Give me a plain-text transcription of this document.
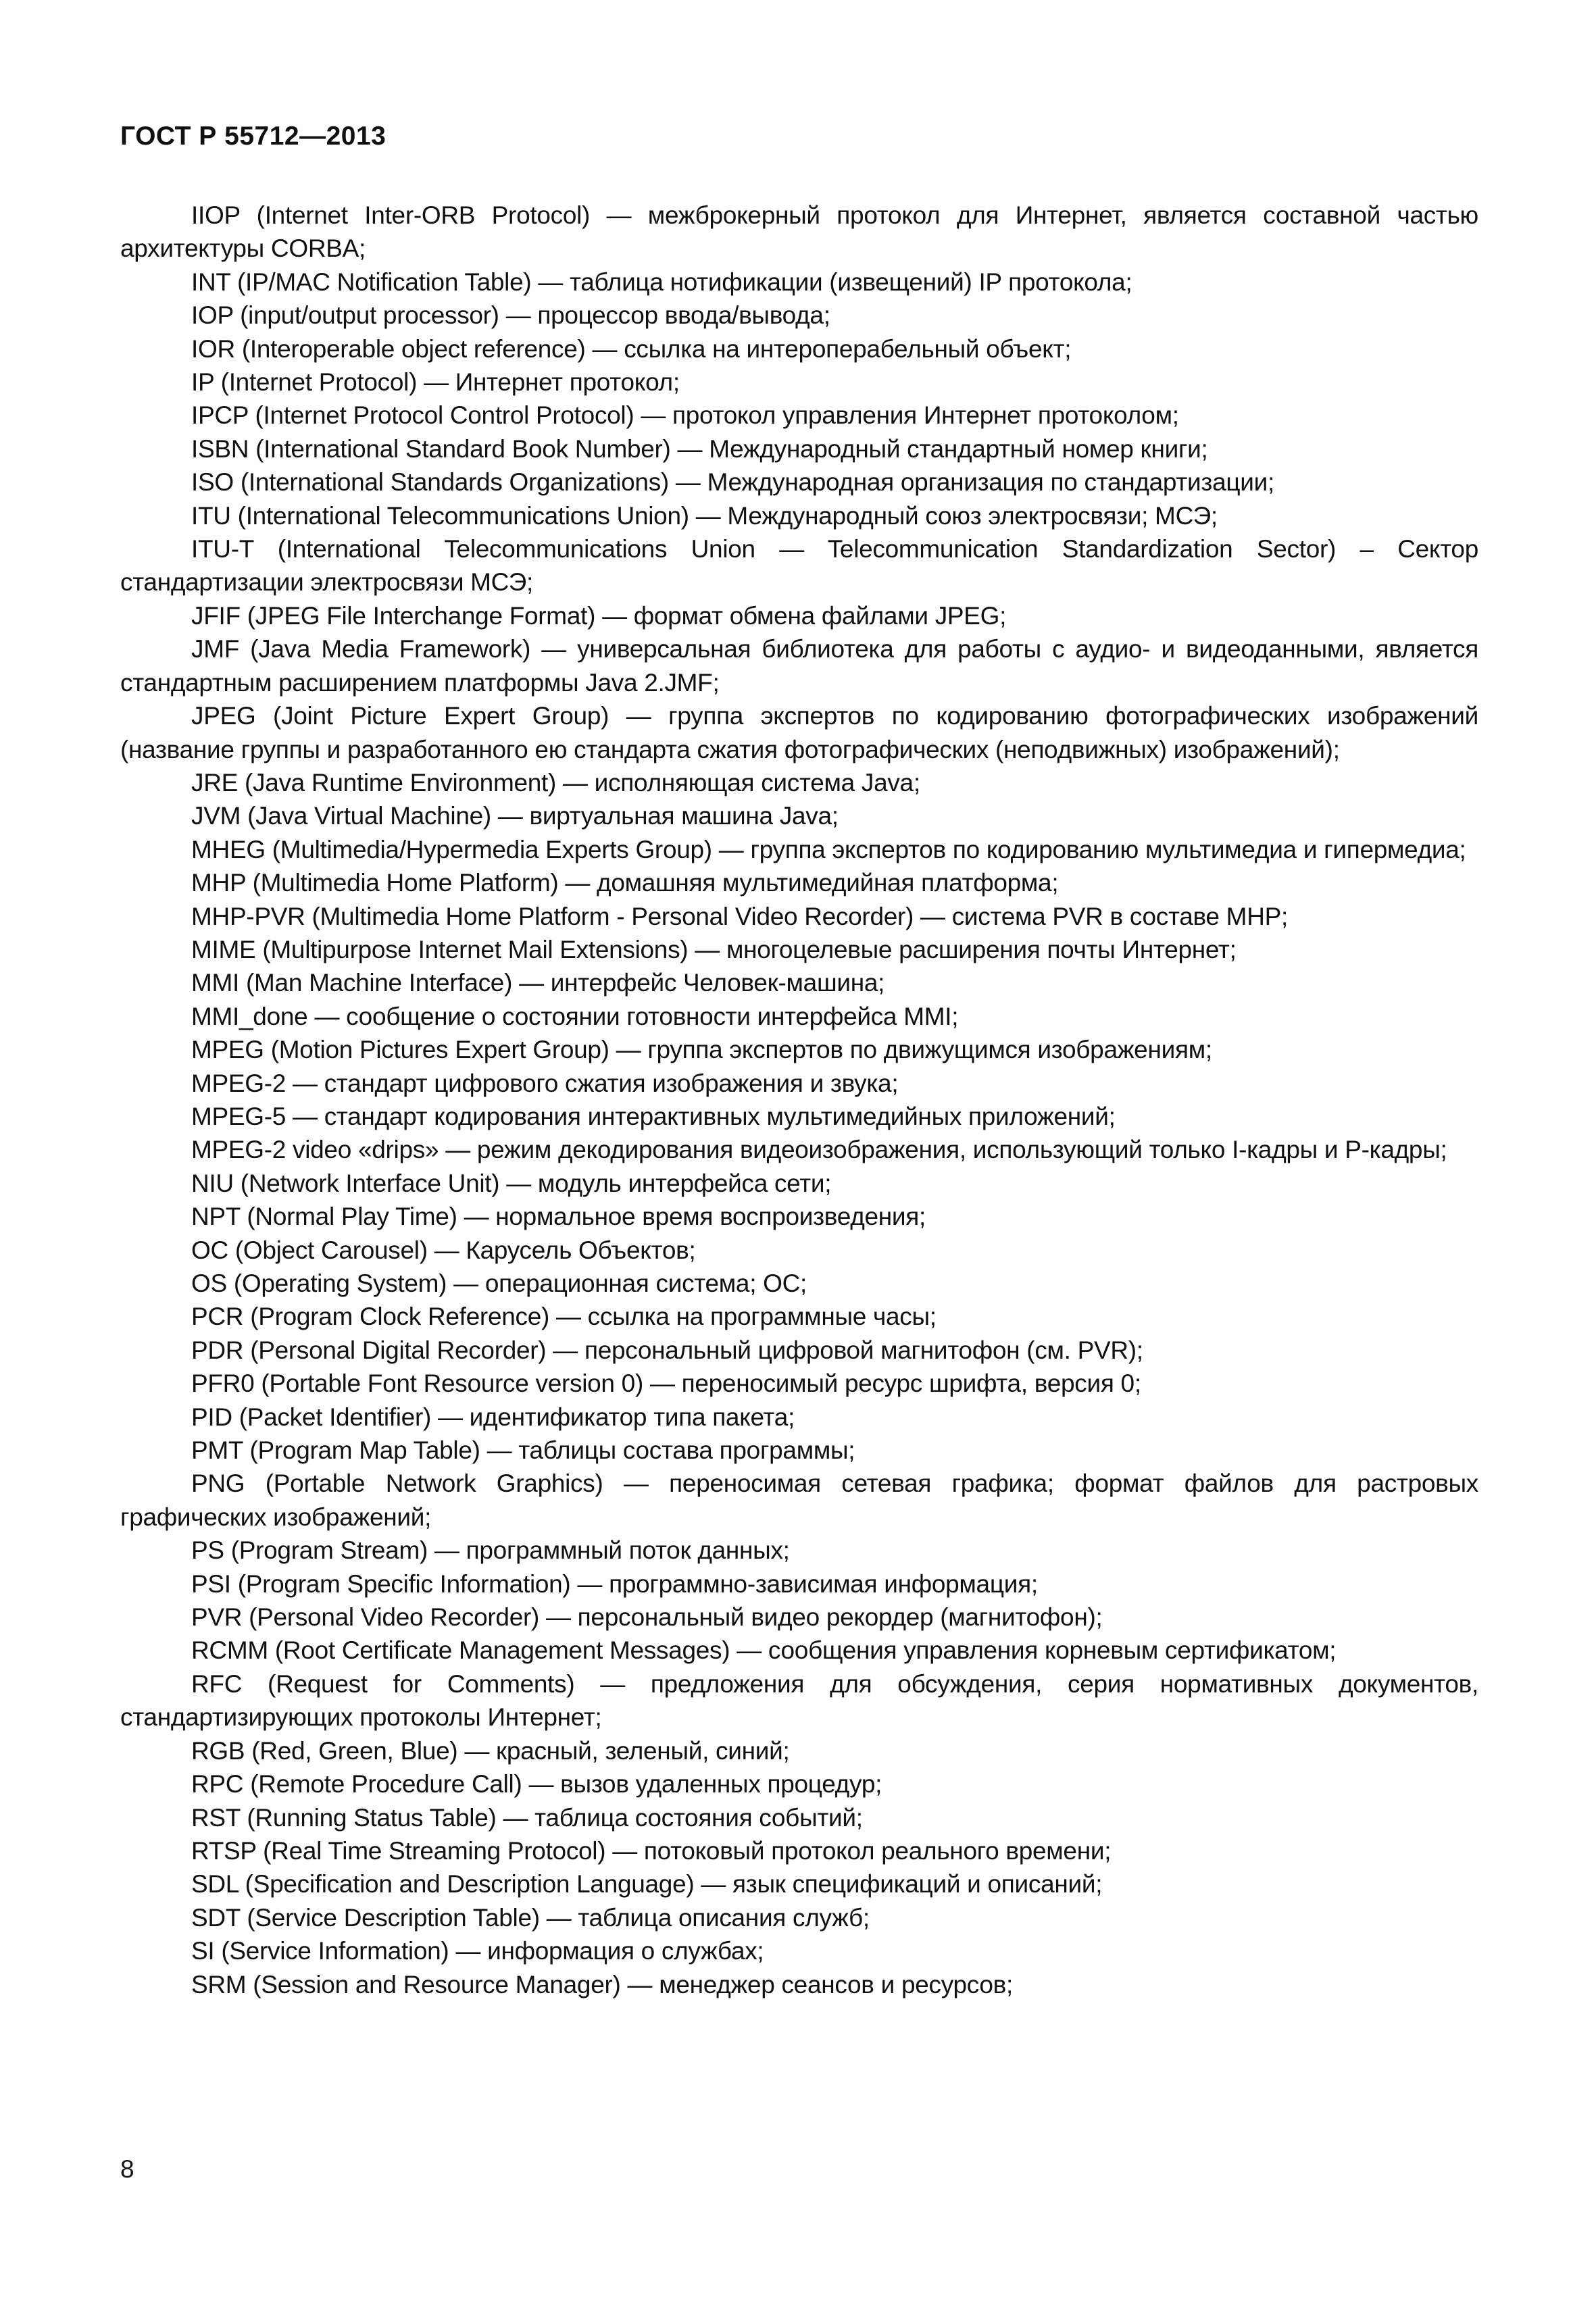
ГОСТ Р 55712—2013

IIOP (Internet Inter-ORB Protocol) — межброкерный протокол для Интернет, является составной частью архитектуры CORBA;

INT (IP/MAC Notification Table) — таблица нотификации (извещений) IP протокола;

IOP (input/output processor) — процессор ввода/вывода;

IOR (Interoperable object reference) — ссылка на интероперабельный объект;

IP (Internet Protocol) — Интернет протокол;

IPCP (Internet Protocol Control Protocol) — протокол управления Интернет протоколом;

ISBN (International Standard Book Number) — Международный стандартный номер книги;

ISO (International Standards Organizations) — Международная организация по стандартизации;

ITU (International Telecommunications Union) — Международный союз электросвязи; МСЭ;

ITU-T (International Telecommunications Union — Telecommunication Standardization Sector) – Сектор стандартизации электросвязи МСЭ;

JFIF (JPEG File Interchange Format) — формат обмена файлами JPEG;

JMF (Java Media Framework) — универсальная библиотека для работы с аудио- и видеоданными, является стандартным расширением платформы Java 2.JMF;

JPEG (Joint Picture Expert Group) — группа экспертов по кодированию фотографических изображений (название группы и разработанного ею стандарта сжатия фотографических (неподвижных) изображений);

JRE (Java Runtime Environment) — исполняющая система Java;

JVM (Java Virtual Machine) — виртуальная машина Java;

MHEG (Multimedia/Hypermedia Experts Group) — группа экспертов по кодированию мультимедиа и гипермедиа;

MHP (Multimedia Home Platform) — домашняя мультимедийная платформа;

MHP-PVR (Multimedia Home Platform - Personal Video Recorder) — система PVR в составе MHP;

MIME (Multipurpose Internet Mail Extensions) — многоцелевые расширения почты Интернет;

MMI (Man Machine Interface) — интерфейс Человек-машина;

MMI_done — сообщение о состоянии готовности интерфейса MMI;

MPEG (Motion Pictures Expert Group) — группа экспертов по движущимся изображениям;

MPEG-2 — стандарт цифрового сжатия изображения и звука;

MPEG-5 — стандарт кодирования интерактивных мультимедийных приложений;

MPEG-2 video «drips» — режим декодирования видеоизображения, использующий только I-кадры и P-кадры;

NIU (Network Interface Unit) — модуль интерфейса сети;

NPT (Normal Play Time) — нормальное время воспроизведения;

OC (Object Carousel) — Карусель Объектов;

OS (Operating System) — операционная система; ОС;

PCR (Program Clock Reference) — ссылка на программные часы;

PDR (Personal Digital Recorder) — персональный цифровой магнитофон (см. PVR);

PFR0 (Portable Font Resource version 0) — переносимый ресурс шрифта, версия 0;

PID (Packet Identifier) — идентификатор типа пакета;

PMT (Program Map Table) — таблицы состава программы;

PNG (Portable Network Graphics) — переносимая сетевая графика; формат файлов для растровых графических изображений;

PS (Program Stream) — программный поток данных;

PSI (Program Specific Information) — программно-зависимая информация;

PVR (Personal Video Recorder) — персональный видео рекордер (магнитофон);

RCMM (Root Certificate Management Messages) — сообщения управления корневым сертификатом;

RFC (Request for Comments) — предложения для обсуждения, серия нормативных документов, стандартизирующих протоколы Интернет;

RGB (Red, Green, Blue) — красный, зеленый, синий;

RPC (Remote Procedure Call) — вызов удаленных процедур;

RST (Running Status Table) — таблица состояния событий;

RTSP (Real Time Streaming Protocol) — потоковый протокол реального времени;

SDL (Specification and Description Language) — язык спецификаций и описаний;

SDT (Service Description Table) — таблица описания служб;

SI (Service Information) — информация о службах;

SRM (Session and Resource Manager) — менеджер сеансов и ресурсов;

8
